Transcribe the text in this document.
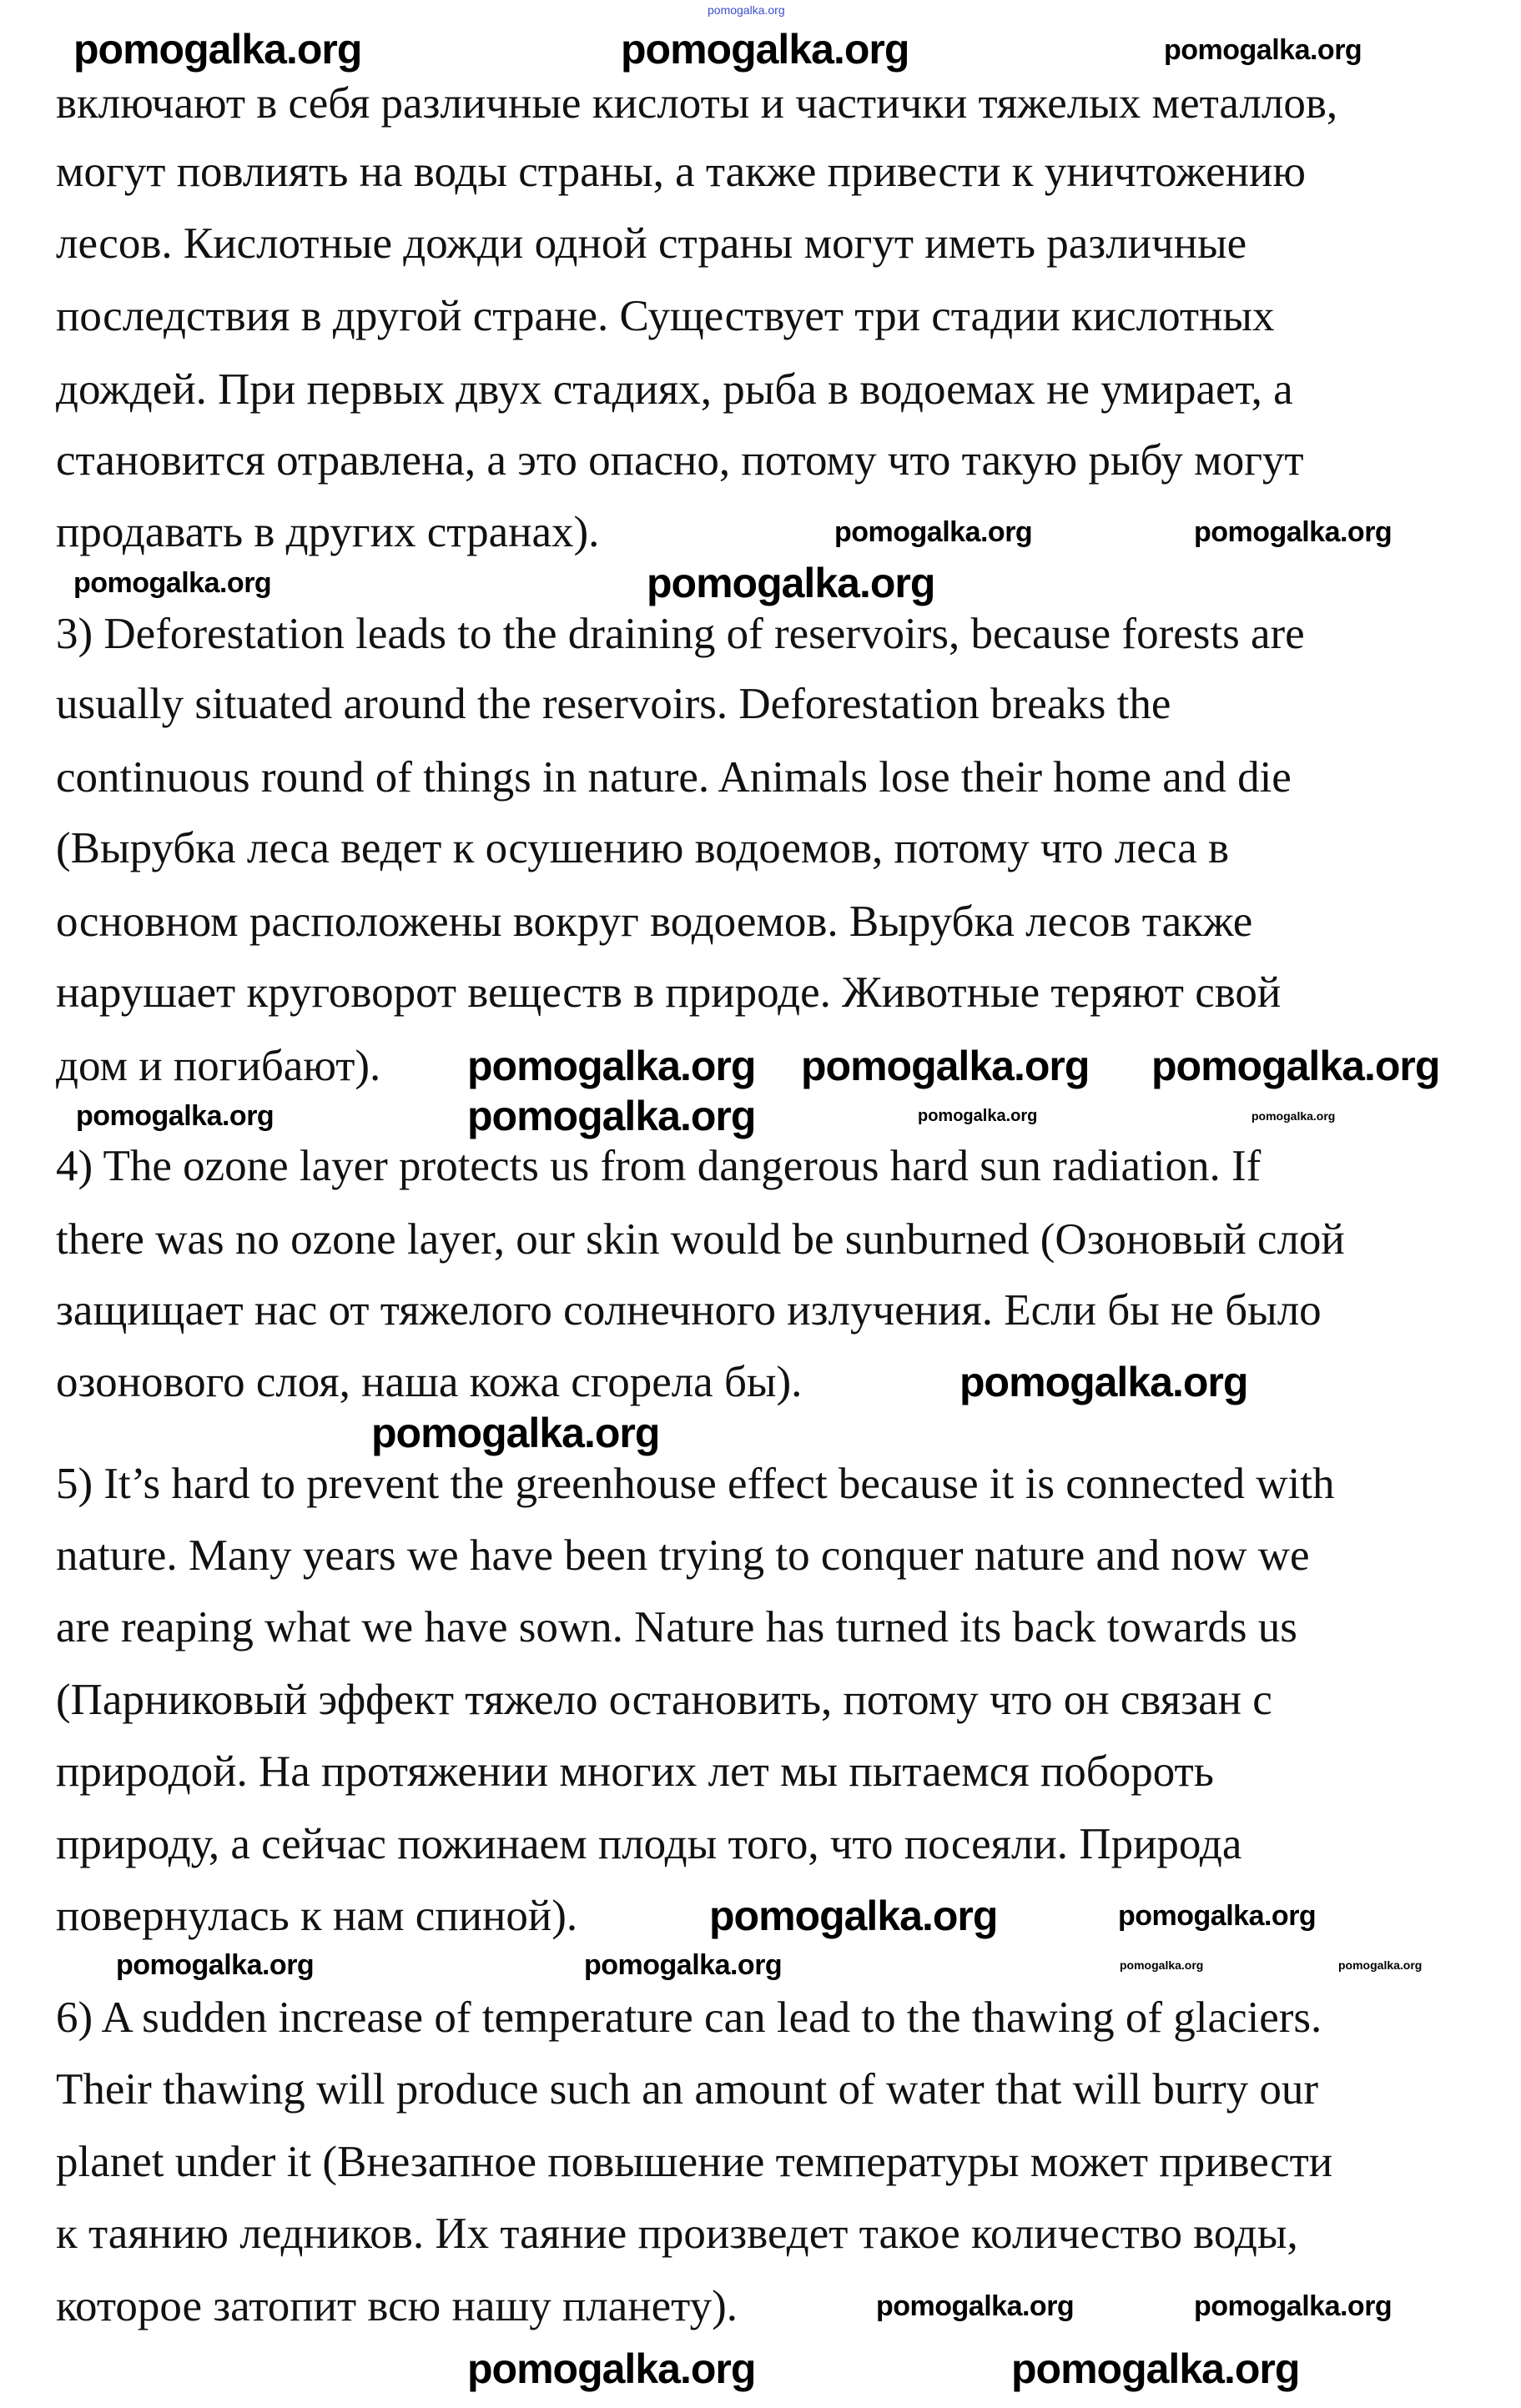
включают в себя различные кислоты и частички тяжелых металлов,
могут повлиять на воды страны, а также привести к уничтожению
лесов. Кислотные дожди одной страны могут иметь различные
последствия в другой стране. Существует три стадии кислотных
дождей. При первых двух стадиях, рыба в водоемах не умирает, а
становится отравлена, а это опасно, потому что такую рыбу могут
продавать в других странах).
3) Deforestation leads to the draining of reservoirs, because forests are
usually situated around the reservoirs. Deforestation breaks the
continuous round of things in nature. Animals lose their home and die
(Вырубка леса ведет к осушению водоемов, потому что леса в
основном расположены вокруг водоемов. Вырубка лесов также
нарушает круговорот веществ в природе. Животные теряют свой
дом и погибают).
4) The ozone layer protects us from dangerous hard sun radiation. If
there was no ozone layer, our skin would be sunburned (Озоновый слой
защищает нас от тяжелого солнечного излучения. Если бы не было
озонового слоя, наша кожа сгорела бы).
5) It’s hard to prevent the greenhouse effect because it is connected with
nature. Many years we have been trying to conquer nature and now we
are reaping what we have sown. Nature has turned its back towards us
(Парниковый эффект тяжело остановить, потому что он связан с
природой. На протяжении многих лет мы пытаемся побороть
природу, а сейчас пожинаем плоды того, что посеяли. Природа
повернулась к нам спиной).
6) A sudden increase of temperature can lead to the thawing of glaciers.
Their thawing will produce such an amount of water that will burry our
planet under it (Внезапное повышение температуры может привести
к таянию ледников. Их таяние произведет такое количество воды,
которое затопит всю нашу планету).
pomogalka.org
pomogalka.org	pomogalka.org	pomogalka.org
pomogalka.org	pomogalka.org
pomogalka.org	pomogalka.org
pomogalka.org pomogalka.org pomogalka.org
pomogalka.org	pomogalka.org	pomogalka.org	pomogalka.org
pomogalka.org
pomogalka.org
pomogalka.org	pomogalka.org
pomogalka.org	pomogalka.org	pomogalka.org	pomogalka.org
pomogalka.org	pomogalka.org
pomogalka.org	pomogalka.org
